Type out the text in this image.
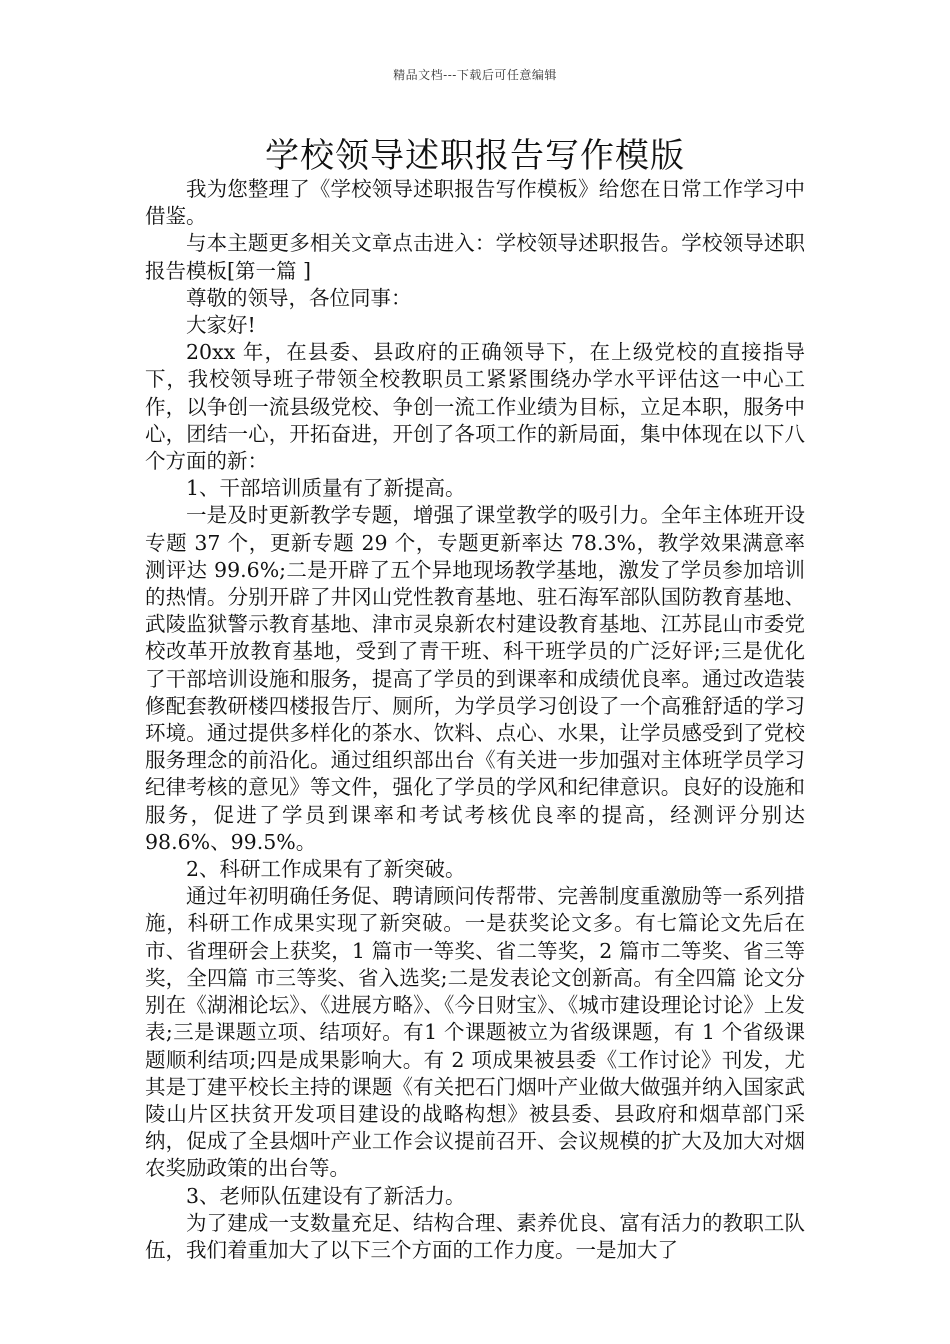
精品文档---下载后可任意编辑
学校领导述职报告写作模版

我为您整理了《学校领导述职报告写作模板》给您在日常工作学习中借鉴。

与本主题更多相关文章点击进入：学校领导述职报告。学校领导述职报告模板[第一篇 ]

尊敬的领导，各位同事：

大家好!

20xx 年，在县委、县政府的正确领导下，在上级党校的直接指导下，我校领导班子带领全校教职员工紧紧围绕办学水平评估这一中心工作，以争创一流县级党校、争创一流工作业绩为目标，立足本职，服务中心，团结一心，开拓奋进，开创了各项工作的新局面，集中体现在以下八个方面的新：

1、干部培训质量有了新提高。

一是及时更新教学专题，增强了课堂教学的吸引力。全年主体班开设专题 37 个，更新专题 29 个，专题更新率达 78.3%，教学效果满意率测评达 99.6%;二是开辟了五个异地现场教学基地，激发了学员参加培训的热情。分别开辟了井冈山党性教育基地、驻石海军部队国防教育基地、武陵监狱警示教育基地、津市灵泉新农村建设教育基地、江苏昆山市委党校改革开放教育基地，受到了青干班、科干班学员的广泛好评;三是优化了干部培训设施和服务，提高了学员的到课率和成绩优良率。通过改造装修配套教研楼四楼报告厅、厕所，为学员学习创设了一个高雅舒适的学习环境。通过提供多样化的茶水、饮料、点心、水果，让学员感受到了党校服务理念的前沿化。通过组织部出台《有关进一步加强对主体班学员学习纪律考核的意见》等文件，强化了学员的学风和纪律意识。良好的设施和服务，促进了学员到课率和考试考核优良率的提高，经测评分别达98.6%、99.5%。

2、科研工作成果有了新突破。

通过年初明确任务促、聘请顾问传帮带、完善制度重激励等一系列措施，科研工作成果实现了新突破。一是获奖论文多。有七篇论文先后在市、省理研会上获奖，1 篇市一等奖、省二等奖，2 篇市二等奖、省三等奖，全四篇 市三等奖、省入选奖;二是发表论文创新高。有全四篇 论文分别在《湖湘论坛》、《进展方略》、《今日财宝》、《城市建设理论讨论》上发表;三是课题立项、结项好。有1 个课题被立为省级课题，有 1 个省级课题顺利结项;四是成果影响大。有 2 项成果被县委《工作讨论》刊发，尤其是丁建平校长主持的课题《有关把石门烟叶产业做大做强并纳入国家武陵山片区扶贫开发项目建设的战略构想》被县委、县政府和烟草部门采纳，促成了全县烟叶产业工作会议提前召开、会议规模的扩大及加大对烟农奖励政策的出台等。

3、老师队伍建设有了新活力。

为了建成一支数量充足、结构合理、素养优良、富有活力的教职工队伍，我们着重加大了以下三个方面的工作力度。一是加大了
